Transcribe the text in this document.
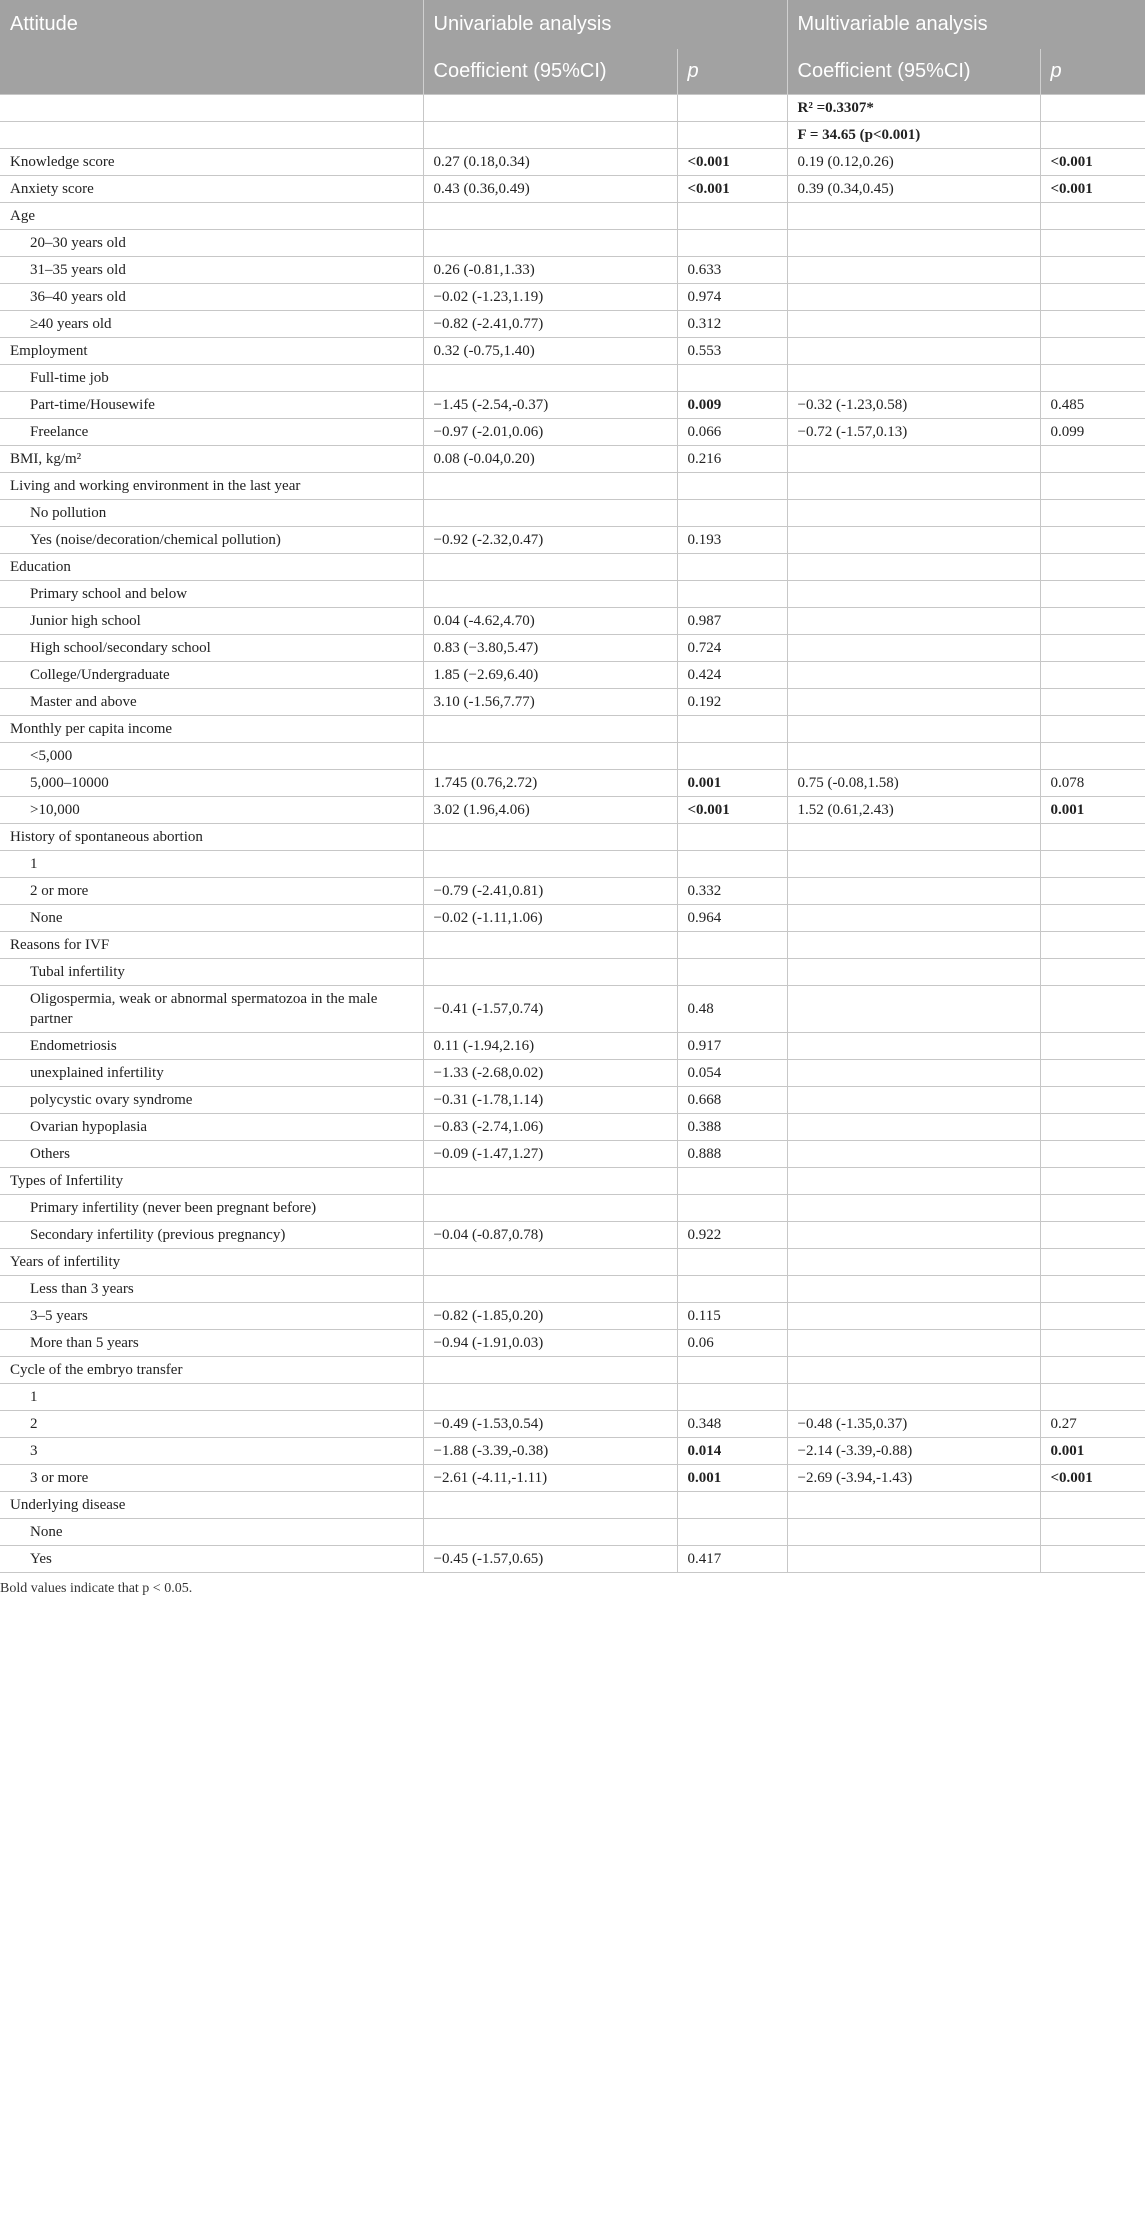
Attitude	Univariable analysis		Multivariable analysis	
	Coefficient (95%CI)	p	Coefficient (95%CI)	p
			R² =0.3307*	
			F = 34.65 (p<0.001)	
Knowledge score	0.27 (0.18,0.34)	<0.001	0.19 (0.12,0.26)	<0.001
Anxiety score	0.43 (0.36,0.49)	<0.001	0.39 (0.34,0.45)	<0.001
Age				
20–30 years old				
31–35 years old	0.26 (-0.81,1.33)	0.633		
36–40 years old	−0.02 (-1.23,1.19)	0.974		
≥40 years old	−0.82 (-2.41,0.77)	0.312		
Employment	0.32 (-0.75,1.40)	0.553		
Full-time job				
Part-time/Housewife	−1.45 (-2.54,-0.37)	0.009	−0.32 (-1.23,0.58)	0.485
Freelance	−0.97 (-2.01,0.06)	0.066	−0.72 (-1.57,0.13)	0.099
BMI, kg/m²	0.08 (-0.04,0.20)	0.216		
Living and working environment in the last year				
No pollution				
Yes (noise/decoration/chemical pollution)	−0.92 (-2.32,0.47)	0.193		
Education				
Primary school and below				
Junior high school	0.04 (-4.62,4.70)	0.987		
High school/secondary school	0.83 (−3.80,5.47)	0.724		
College/Undergraduate	1.85 (−2.69,6.40)	0.424		
Master and above	3.10 (-1.56,7.77)	0.192		
Monthly per capita income				
<5,000				
5,000–10000	1.745 (0.76,2.72)	0.001	0.75 (-0.08,1.58)	0.078
>10,000	3.02 (1.96,4.06)	<0.001	1.52 (0.61,2.43)	0.001
History of spontaneous abortion				
1				
2 or more	−0.79 (-2.41,0.81)	0.332		
None	−0.02 (-1.11,1.06)	0.964		
Reasons for IVF				
Tubal infertility				
Oligospermia, weak or abnormal spermatozoa in the male partner	−0.41 (-1.57,0.74)	0.48		
Endometriosis	0.11 (-1.94,2.16)	0.917		
unexplained infertility	−1.33 (-2.68,0.02)	0.054		
polycystic ovary syndrome	−0.31 (-1.78,1.14)	0.668		
Ovarian hypoplasia	−0.83 (-2.74,1.06)	0.388		
Others	−0.09 (-1.47,1.27)	0.888		
Types of Infertility				
Primary infertility (never been pregnant before)				
Secondary infertility (previous pregnancy)	−0.04 (-0.87,0.78)	0.922		
Years of infertility				
Less than 3 years				
3–5 years	−0.82 (-1.85,0.20)	0.115		
More than 5 years	−0.94 (-1.91,0.03)	0.06		
Cycle of the embryo transfer				
1				
2	−0.49 (-1.53,0.54)	0.348	−0.48 (-1.35,0.37)	0.27
3	−1.88 (-3.39,-0.38)	0.014	−2.14 (-3.39,-0.88)	0.001
3 or more	−2.61 (-4.11,-1.11)	0.001	−2.69 (-3.94,-1.43)	<0.001
Underlying disease				
None				
Yes	−0.45 (-1.57,0.65)	0.417		
Bold values indicate that p < 0.05.
